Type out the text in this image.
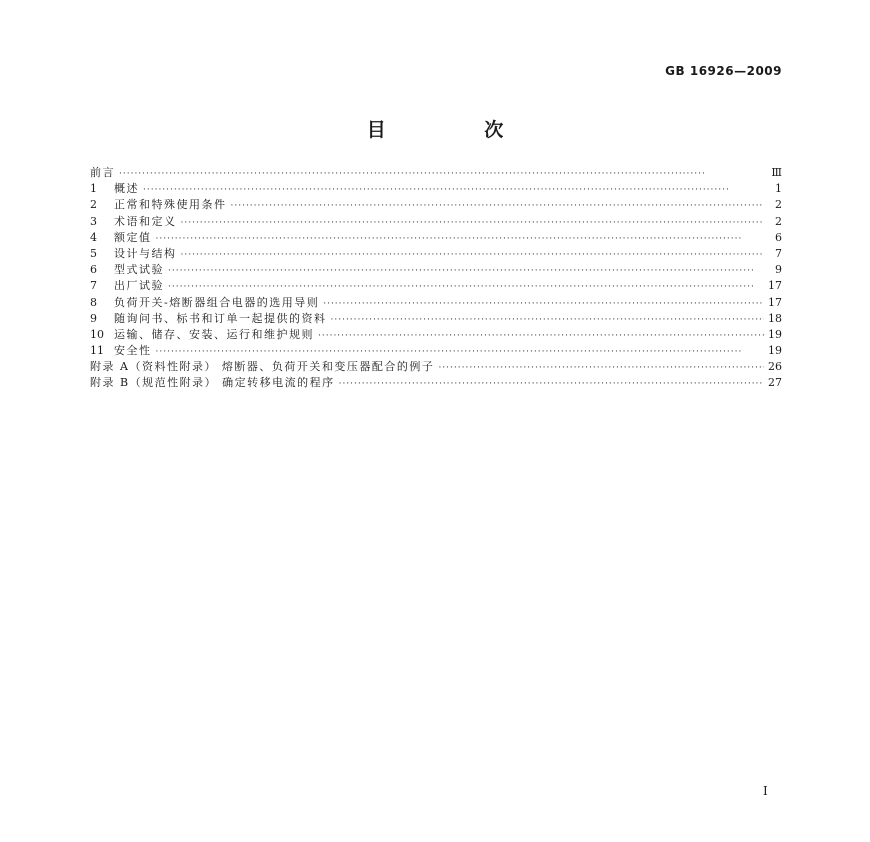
GB 16926—2009
目 次
前言 ·····	Ⅲ
1	概述 ·····	1
2	正常和特殊使用条件 ·····	2
3	术语和定义 ·····	2
4	额定值 ·····	6
5	设计与结构 ·····	7
6	型式试验 ·····	9
7	出厂试验 ·····	17
8	负荷开关-熔断器组合电器的选用导则 ·····	17
9	随询问书、标书和订单一起提供的资料 ·····	18
10 运输、储存、安装、运行和维护规则 ·····	19
11 安全性 ·····	19
附录 A（资料性附录） 熔断器、负荷开关和变压器配合的例子 ·····	26
附录 B（规范性附录） 确定转移电流的程序 ·····	27
Ⅰ
